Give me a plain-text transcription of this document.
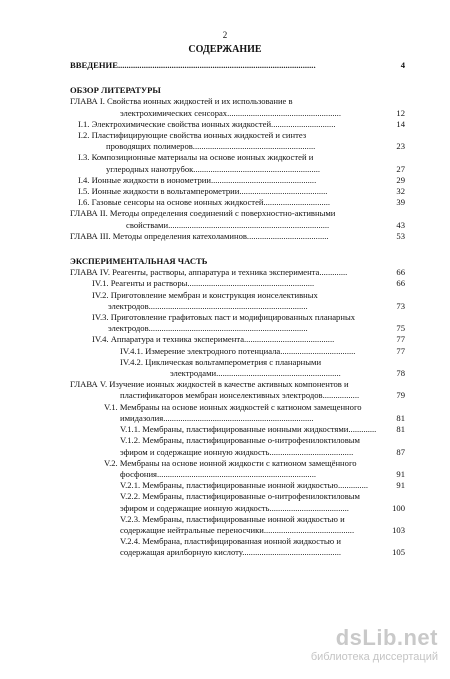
2
СОДЕРЖАНИЕ
ВВЕДЕНИЕ............................................................................................	4
ОБЗОР ЛИТЕРАТУРЫ
ГЛАВА I. Свойства ионных жидкостей и их использование в
электрохимических сенсорах.....................................................	12
I.1. Электрохимические свойства ионных жидкостей..............................	14
I.2. Пластифицирующие свойства ионных жидкостей и синтез
проводящих полимеров.........................................................	23
I.3. Композиционные материалы на основе ионных жидкостей и
углеродных нанотрубок...........................................................	27
I.4. Ионные жидкости в ионометрии.................................................	29
I.5. Ионные жидкости в вольтамперометрии.........................................	32
I.6. Газовые сенсоры на основе ионных жидкостей...............................	39
ГЛАВА II. Методы определения соединений с поверхностно-активными
свойствами...........................................................................	43
ГЛАВА III. Методы определения катехоламинов......................................	53
ЭКСПЕРИМЕНТАЛЬНАЯ ЧАСТЬ
ГЛАВА IV. Реагенты, растворы, аппаратура и техника эксперимента.............	66
IV.1. Реагенты и растворы...........................................................	66
IV.2. Приготовление мембран и конструкция ионселективных
электродов..........................................................................	73
IV.3. Приготовление графитовых паст и модифицированных планарных
электродов..........................................................................	75
IV.4. Аппаратура и техника эксперимента..........................................	77
IV.4.1. Измерение электродного потенциала...................................	77
IV.4.2. Циклическая вольтамперометрия с планарными
электродами..........................................................	78
ГЛАВА V. Изучение ионных жидкостей в качестве активных компонентов и
пластификаторов мембран ионселективных электродов.................	79
V.1. Мембраны на основе ионных жидкостей с катионом замещенного
имидазолия......................................................................	81
V.1.1. Мембраны, пластифицированные ионными жидкостями............. 81
V.1.2. Мембраны, пластифицированные о-нитрофенилоктиловым
эфиром и содержащие ионную жидкость.......................................	87
V.2. Мембраны на основе ионной жидкости с катионом замещённого
фосфония..........................................................................	91
V.2.1. Мембраны, пластифицированные ионной жидкостью..............	91
V.2.2. Мембраны, пластифицированные о-нитрофенилоктиловым
эфиром и содержащие ионную жидкость.....................................	100
V.2.3. Мембраны, пластифицированные ионной жидкостью и
содержащие нейтральные переносчики..........................................	103
V.2.4. Мембрана, пластифицированная ионной жидкостью и
содержащая арилборную кислоту..............................................	105
dsLib.net
библиотека диссертаций
